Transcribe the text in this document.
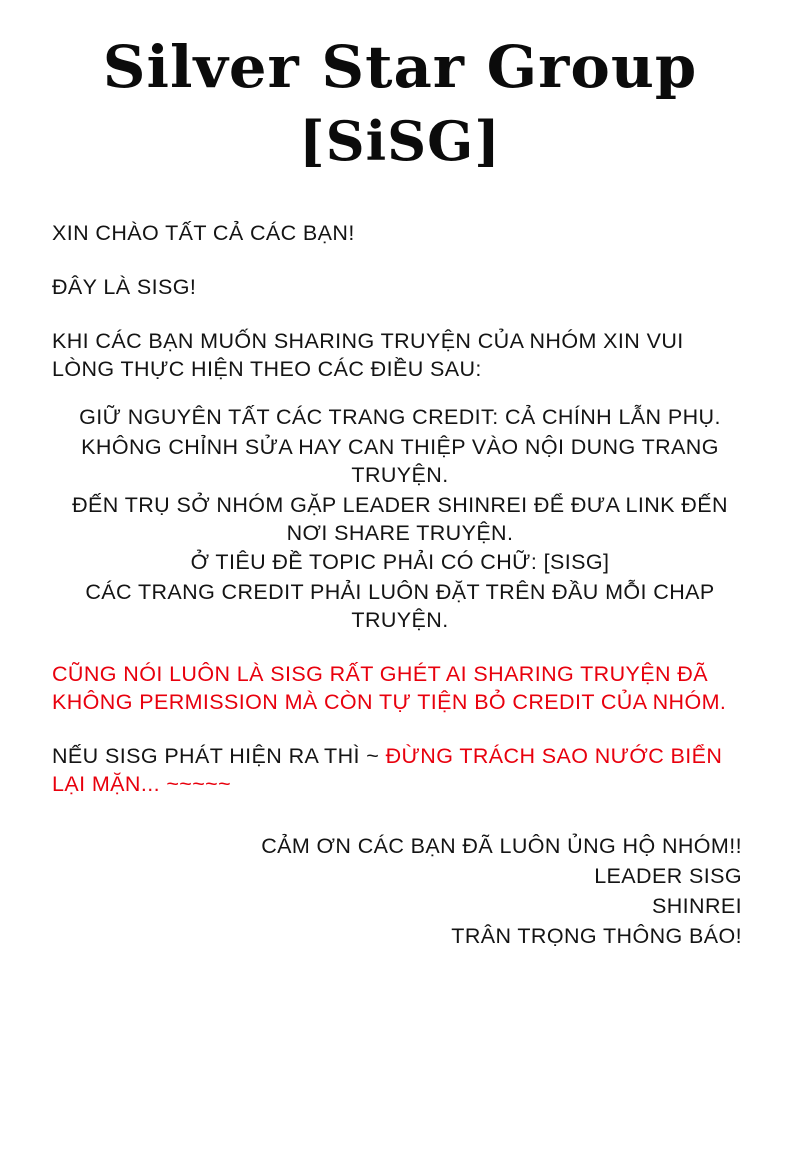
Silver Star Group
[SiSG]

XIN CHÀO TẤT CẢ CÁC BẠN!

ĐÂY LÀ SISG!

KHI CÁC BẠN MUỐN SHARING TRUYỆN CỦA NHÓM XIN VUI LÒNG THỰC HIỆN THEO CÁC ĐIỀU SAU:

GIỮ NGUYÊN TẤT CÁC TRANG CREDIT: CẢ CHÍNH LẪN PHỤ.

KHÔNG CHỈNH SỬA HAY CAN THIỆP VÀO NỘI DUNG TRANG TRUYỆN.

ĐẾN TRỤ SỞ NHÓM GẶP LEADER SHINREI ĐỂ ĐƯA LINK ĐẾN NƠI SHARE TRUYỆN.

Ở TIÊU ĐỀ TOPIC PHẢI CÓ CHỮ: [SISG]

CÁC TRANG CREDIT PHẢI LUÔN ĐẶT TRÊN ĐẦU MỖI CHAP TRUYỆN.

CŨNG NÓI LUÔN LÀ SISG RẤT GHÉT AI SHARING TRUYỆN ĐÃ KHÔNG PERMISSION MÀ CÒN TỰ TIỆN BỎ CREDIT CỦA NHÓM.

NẾU SISG PHÁT HIỆN RA THÌ ~ ĐỪNG TRÁCH SAO NƯỚC BIỂN LẠI MẶN... ~~~~~

CẢM ƠN CÁC BẠN ĐÃ LUÔN ỦNG HỘ NHÓM!!

LEADER SISG

SHINREI

TRÂN TRỌNG THÔNG BÁO!
